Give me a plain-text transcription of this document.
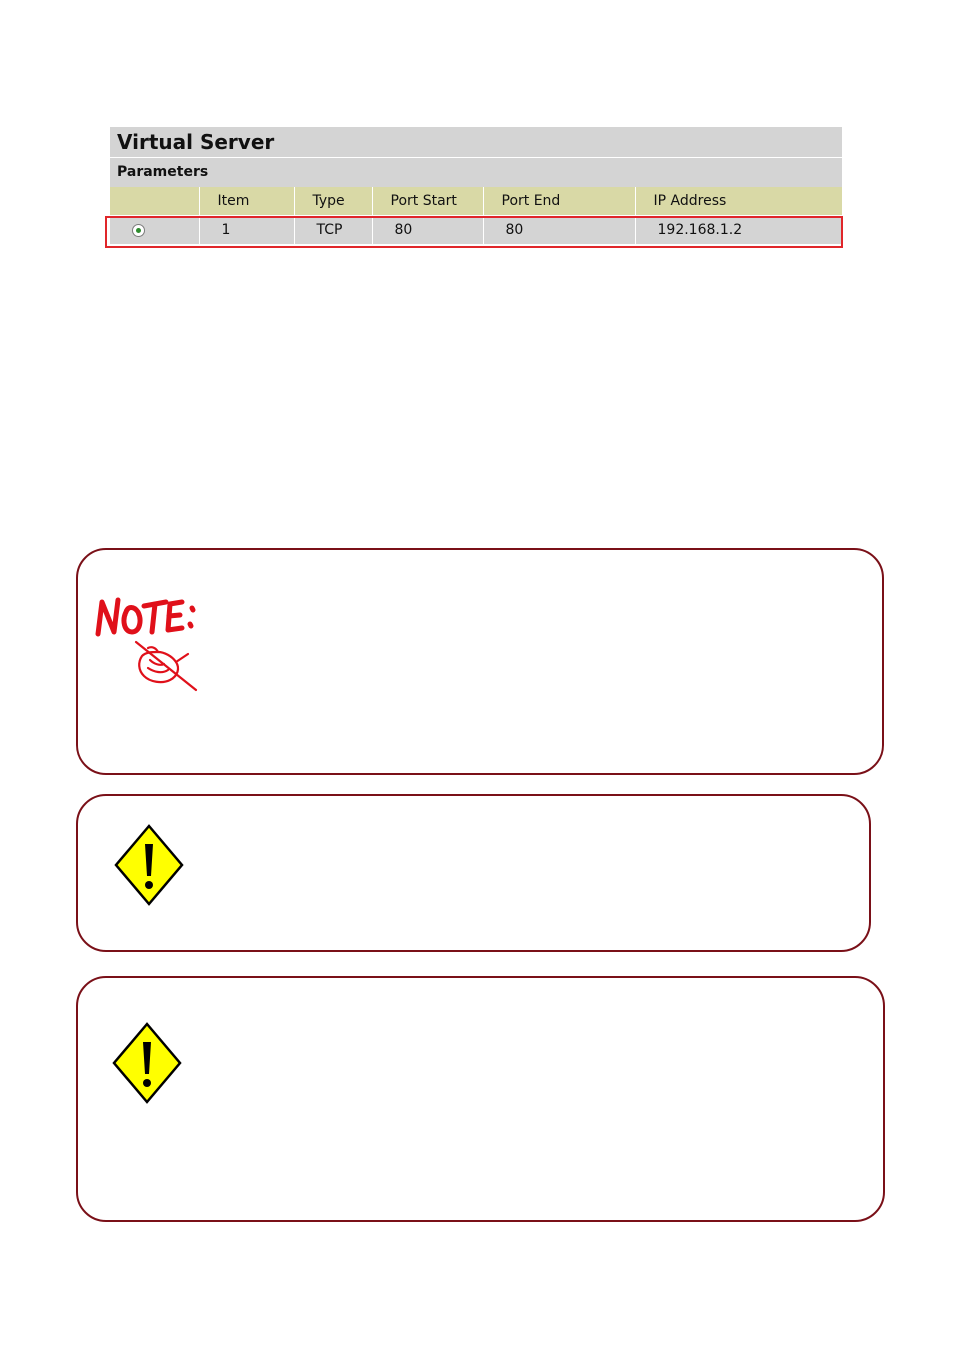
Virtual Server
Parameters
	Item	Type	Port Start	Port End	IP Address
	1	TCP	80	80	192.168.1.2
